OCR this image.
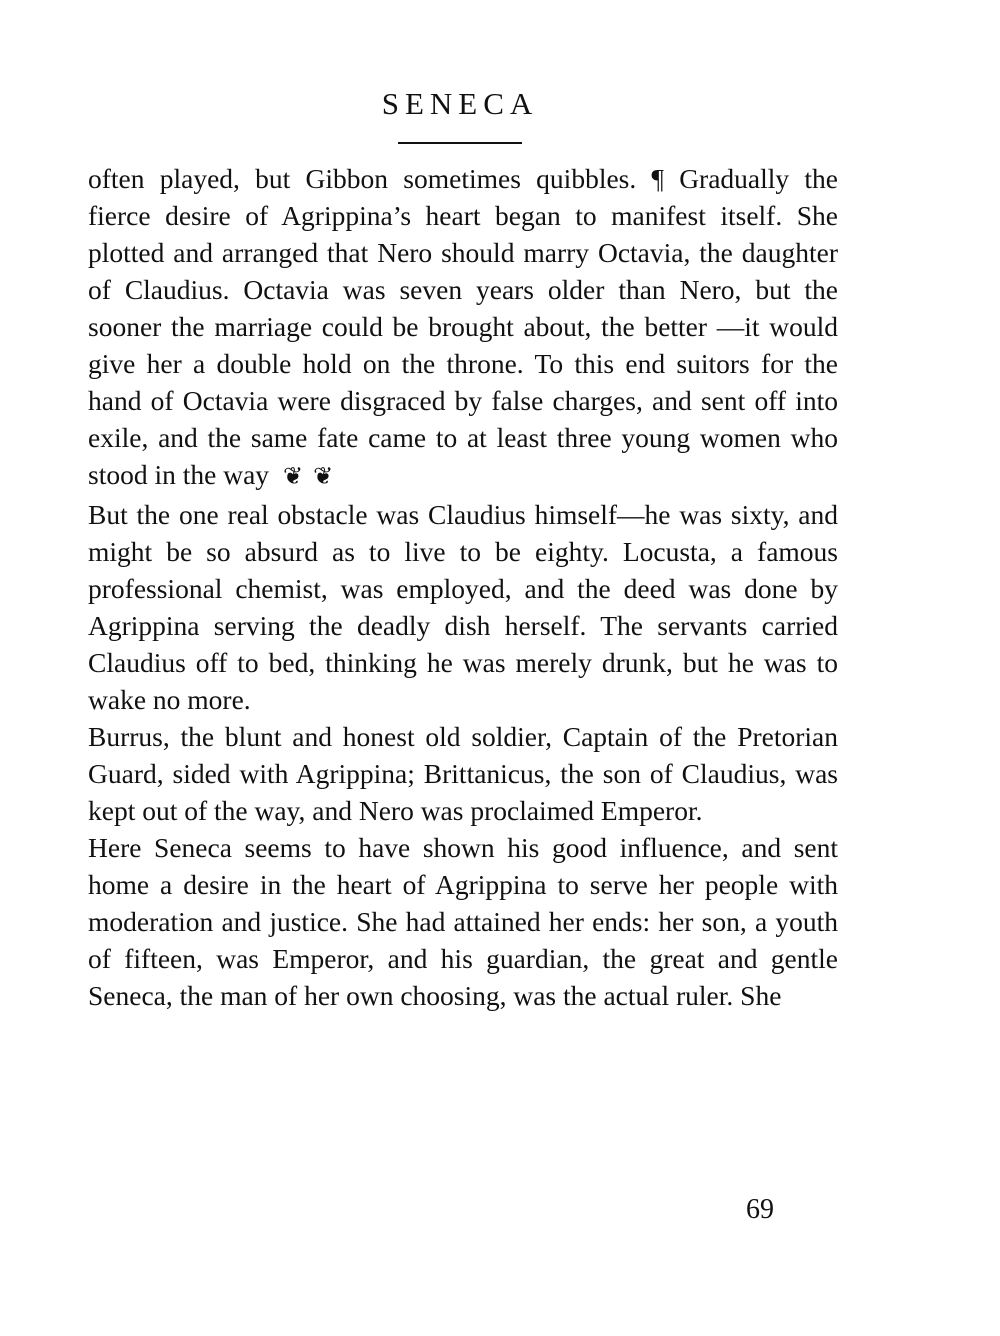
SENECA

often played, but Gibbon sometimes quibbles. ¶ Gradually the fierce desire of Agrippina’s heart began to manifest itself. She plotted and arranged that Nero should marry Octavia, the daughter of Claudius. Octavia was seven years older than Nero, but the sooner the marriage could be brought about, the better —it would give her a double hold on the throne. To this end suitors for the hand of Octavia were disgraced by false charges, and sent off into exile, and the same fate came to at least three young women who stood in the way ❦❦

But the one real obstacle was Claudius himself—he was sixty, and might be so absurd as to live to be eighty. Locusta, a famous professional chemist, was employed, and the deed was done by Agrippina serving the deadly dish herself. The servants carried Claudius off to bed, thinking he was merely drunk, but he was to wake no more.

Burrus, the blunt and honest old soldier, Captain of the Pretorian Guard, sided with Agrippina; Brittanicus, the son of Claudius, was kept out of the way, and Nero was proclaimed Emperor.

Here Seneca seems to have shown his good influence, and sent home a desire in the heart of Agrippina to serve her people with moderation and justice. She had attained her ends: her son, a youth of fifteen, was Emperor, and his guardian, the great and gentle Seneca, the man of her own choosing, was the actual ruler. She

69
